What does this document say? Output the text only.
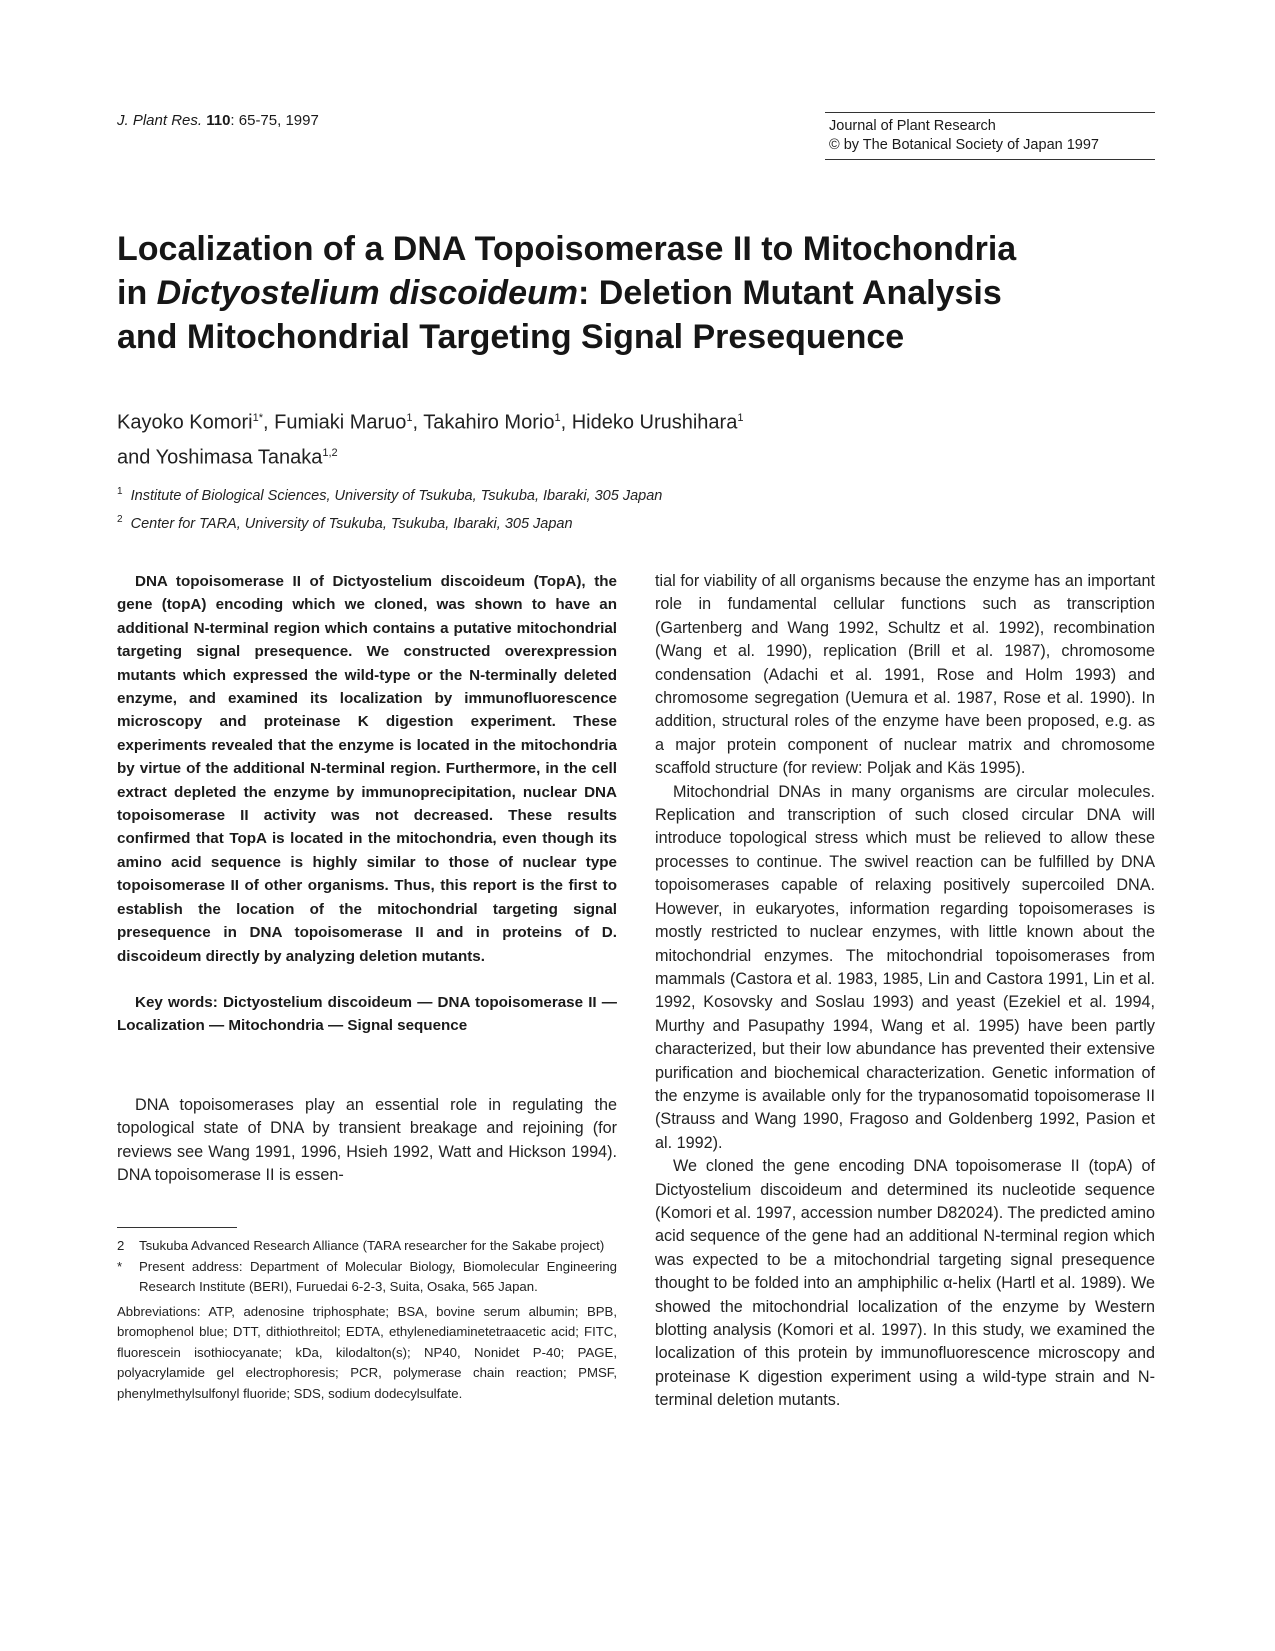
J. Plant Res. 110: 65-75, 1997	Journal of Plant Research
© by The Botanical Society of Japan 1997
Localization of a DNA Topoisomerase II to Mitochondria
in Dictyostelium discoideum: Deletion Mutant Analysis
and Mitochondrial Targeting Signal Presequence
Kayoko Komori$^{1*}$, Fumiaki Maruo$^1$, Takahiro Morio$^1$, Hideko Urushihara$^1$
and Yoshimasa Tanaka$^{1,2}$
$^1$ Institute of Biological Sciences, University of Tsukuba, Tsukuba, Ibaraki, 305 Japan
$^2$ Center for TARA, University of Tsukuba, Tsukuba, Ibaraki, 305 Japan

DNA topoisomerase II of Dictyostelium discoideum (TopA), the gene (topA) encoding which we cloned, was shown to have an additional N-terminal region which contains a putative mitochondrial targeting signal presequence. We constructed overexpression mutants which expressed the wild-type or the N-terminally deleted enzyme, and examined its localization by immunofluorescence microscopy and proteinase K digestion experiment. These experiments revealed that the enzyme is located in the mitochondria by virtue of the additional N-terminal region. Furthermore, in the cell extract depleted the enzyme by immunoprecipitation, nuclear DNA topoisomerase II activity was not decreased. These results confirmed that TopA is located in the mitochondria, even though its amino acid sequence is highly similar to those of nuclear type topoisomerase II of other organisms. Thus, this report is the first to establish the location of the mitochondrial targeting signal presequence in DNA topoisomerase II and in proteins of D. discoideum directly by analyzing deletion mutants.

Key words: Dictyostelium discoideum — DNA topoisomerase II — Localization — Mitochondria — Signal sequence

DNA topoisomerases play an essential role in regulating the topological state of DNA by transient breakage and rejoining (for reviews see Wang 1991, 1996, Hsieh 1992, Watt and Hickson 1994). DNA topoisomerase II is essen-

2 Tsukuba Advanced Research Alliance (TARA researcher for the Sakabe project)

* Present address: Department of Molecular Biology, Biomolecular Engineering Research Institute (BERI), Furuedai 6-2-3, Suita, Osaka, 565 Japan.

Abbreviations: ATP, adenosine triphosphate; BSA, bovine serum albumin; BPB, bromophenol blue; DTT, dithiothreitol; EDTA, ethylenediaminetetraacetic acid; FITC, fluorescein isothiocyanate; kDa, kilodalton(s); NP40, Nonidet P-40; PAGE, polyacrylamide gel electrophoresis; PCR, polymerase chain reaction; PMSF, phenylmethylsulfonyl fluoride; SDS, sodium dodecylsulfate.

tial for viability of all organisms because the enzyme has an important role in fundamental cellular functions such as transcription (Gartenberg and Wang 1992, Schultz et al. 1992), recombination (Wang et al. 1990), replication (Brill et al. 1987), chromosome condensation (Adachi et al. 1991, Rose and Holm 1993) and chromosome segregation (Uemura et al. 1987, Rose et al. 1990). In addition, structural roles of the enzyme have been proposed, e.g. as a major protein component of nuclear matrix and chromosome scaffold structure (for review: Poljak and Käs 1995).

Mitochondrial DNAs in many organisms are circular molecules. Replication and transcription of such closed circular DNA will introduce topological stress which must be relieved to allow these processes to continue. The swivel reaction can be fulfilled by DNA topoisomerases capable of relaxing positively supercoiled DNA. However, in eukaryotes, information regarding topoisomerases is mostly restricted to nuclear enzymes, with little known about the mitochondrial enzymes. The mitochondrial topoisomerases from mammals (Castora et al. 1983, 1985, Lin and Castora 1991, Lin et al. 1992, Kosovsky and Soslau 1993) and yeast (Ezekiel et al. 1994, Murthy and Pasupathy 1994, Wang et al. 1995) have been partly characterized, but their low abundance has prevented their extensive purification and biochemical characterization. Genetic information of the enzyme is available only for the trypanosomatid topoisomerase II (Strauss and Wang 1990, Fragoso and Goldenberg 1992, Pasion et al. 1992).

We cloned the gene encoding DNA topoisomerase II (topA) of Dictyostelium discoideum and determined its nucleotide sequence (Komori et al. 1997, accession number D82024). The predicted amino acid sequence of the gene had an additional N-terminal region which was expected to be a mitochondrial targeting signal presequence thought to be folded into an amphiphilic α-helix (Hartl et al. 1989). We showed the mitochondrial localization of the enzyme by Western blotting analysis (Komori et al. 1997). In this study, we examined the localization of this protein by immunofluorescence microscopy and proteinase K digestion experiment using a wild-type strain and N-terminal deletion mutants.
